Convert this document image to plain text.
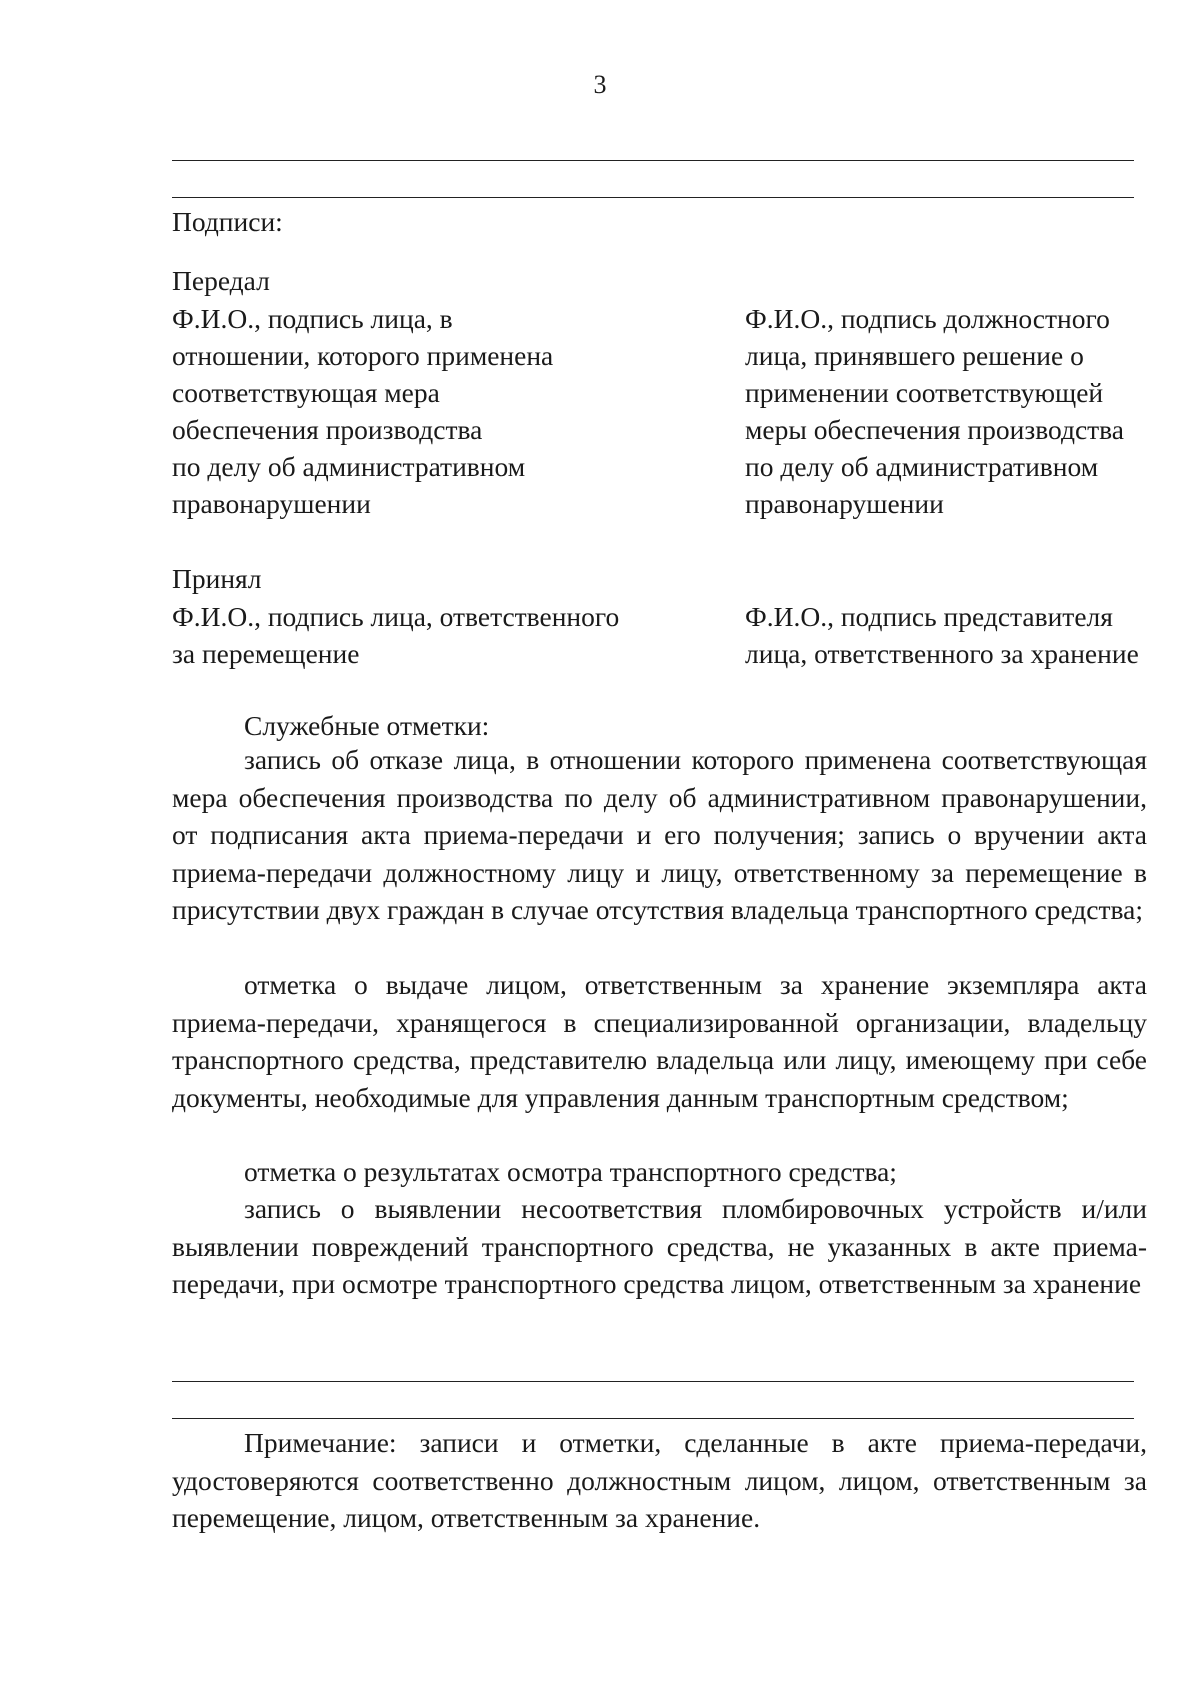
3
Подписи:
Передал
Ф.И.О., подпись лица, в
отношении, которого применена
соответствующая мера
обеспечения производства
по делу об административном
правонарушении
Ф.И.О., подпись должностного
лица, принявшего решение о
применении соответствующей
меры обеспечения производства
по делу об административном
правонарушении
Принял
Ф.И.О., подпись лица, ответственного
за перемещение
Ф.И.О., подпись представителя
лица, ответственного за хранение
Служебные отметки:
запись об отказе лица, в отношении которого применена соответствующая мера обеспечения производства по делу об административном правонарушении, от подписания акта приема-передачи и его получения; запись о вручении акта приема-передачи должностному лицу и лицу, ответственному за перемещение в присутствии двух граждан в случае отсутствия владельца транспортного средства;
отметка о выдаче лицом, ответственным за хранение экземпляра акта приема-передачи, хранящегося в специализированной организации, владельцу транспортного средства, представителю владельца или лицу, имеющему при себе документы, необходимые для управления данным транспортным средством;
отметка о результатах осмотра транспортного средства;
запись о выявлении несоответствия пломбировочных устройств и/или выявлении повреждений транспортного средства, не указанных в акте приема-передачи, при осмотре транспортного средства лицом, ответственным за хранение
Примечание: записи и отметки, сделанные в акте приема-передачи, удостоверяются соответственно должностным лицом, лицом, ответственным за перемещение, лицом, ответственным за хранение.
